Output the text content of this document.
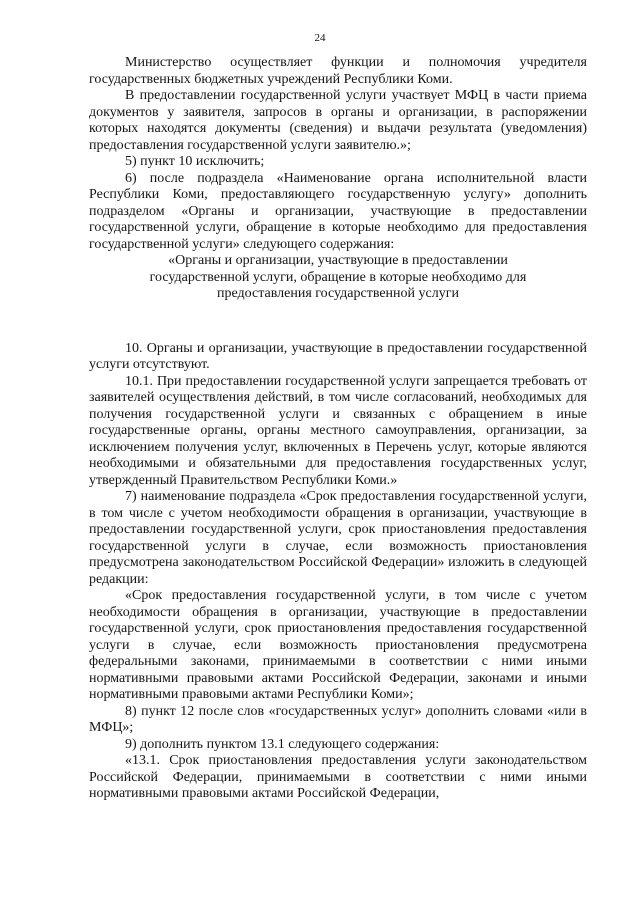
24

Министерство осуществляет функции и полномочия учредителя государственных бюджетных учреждений Республики Коми.

В предоставлении государственной услуги участвует МФЦ в части приема документов у заявителя, запросов в органы и организации, в распоряжении которых находятся документы (сведения) и выдачи результата (уведомления) предоставления государственной услуги заявителю.»;

5) пункт 10 исключить;

6) после подраздела «Наименование органа исполнительной власти Республики Коми, предоставляющего государственную услугу» дополнить подразделом «Органы и организации, участвующие в предоставлении государственной услуги, обращение в которые необходимо для предоставления государственной услуги» следующего содержания:

«Органы и организации, участвующие в предоставлении государственной услуги, обращение в которые необходимо для предоставления государственной услуги

10. Органы и организации, участвующие в предоставлении государственной услуги отсутствуют.

10.1. При предоставлении государственной услуги запрещается требовать от заявителей осуществления действий, в том числе согласований, необходимых для получения государственной услуги и связанных с обращением в иные государственные органы, органы местного самоуправления, организации, за исключением получения услуг, включенных в Перечень услуг, которые являются необходимыми и обязательными для предоставления государственных услуг, утвержденный Правительством Республики Коми.»

7) наименование подраздела «Срок предоставления государственной услуги, в том числе с учетом необходимости обращения в организации, участвующие в предоставлении государственной услуги, срок приостановления предоставления государственной услуги в случае, если возможность приостановления предусмотрена законодательством Российской Федерации» изложить в следующей редакции:

«Срок предоставления государственной услуги, в том числе с учетом необходимости обращения в организации, участвующие в предоставлении государственной услуги, срок приостановления предоставления государственной услуги в случае, если возможность приостановления предусмотрена федеральными законами, принимаемыми в соответствии с ними иными нормативными правовыми актами Российской Федерации, законами и иными нормативными правовыми актами Республики Коми»;

8) пункт 12 после слов «государственных услуг» дополнить словами «или в МФЦ»;

9) дополнить пунктом 13.1 следующего содержания:

«13.1. Срок приостановления предоставления услуги законодательством Российской Федерации, принимаемыми в соответствии с ними иными нормативными правовыми актами Российской Федерации,
